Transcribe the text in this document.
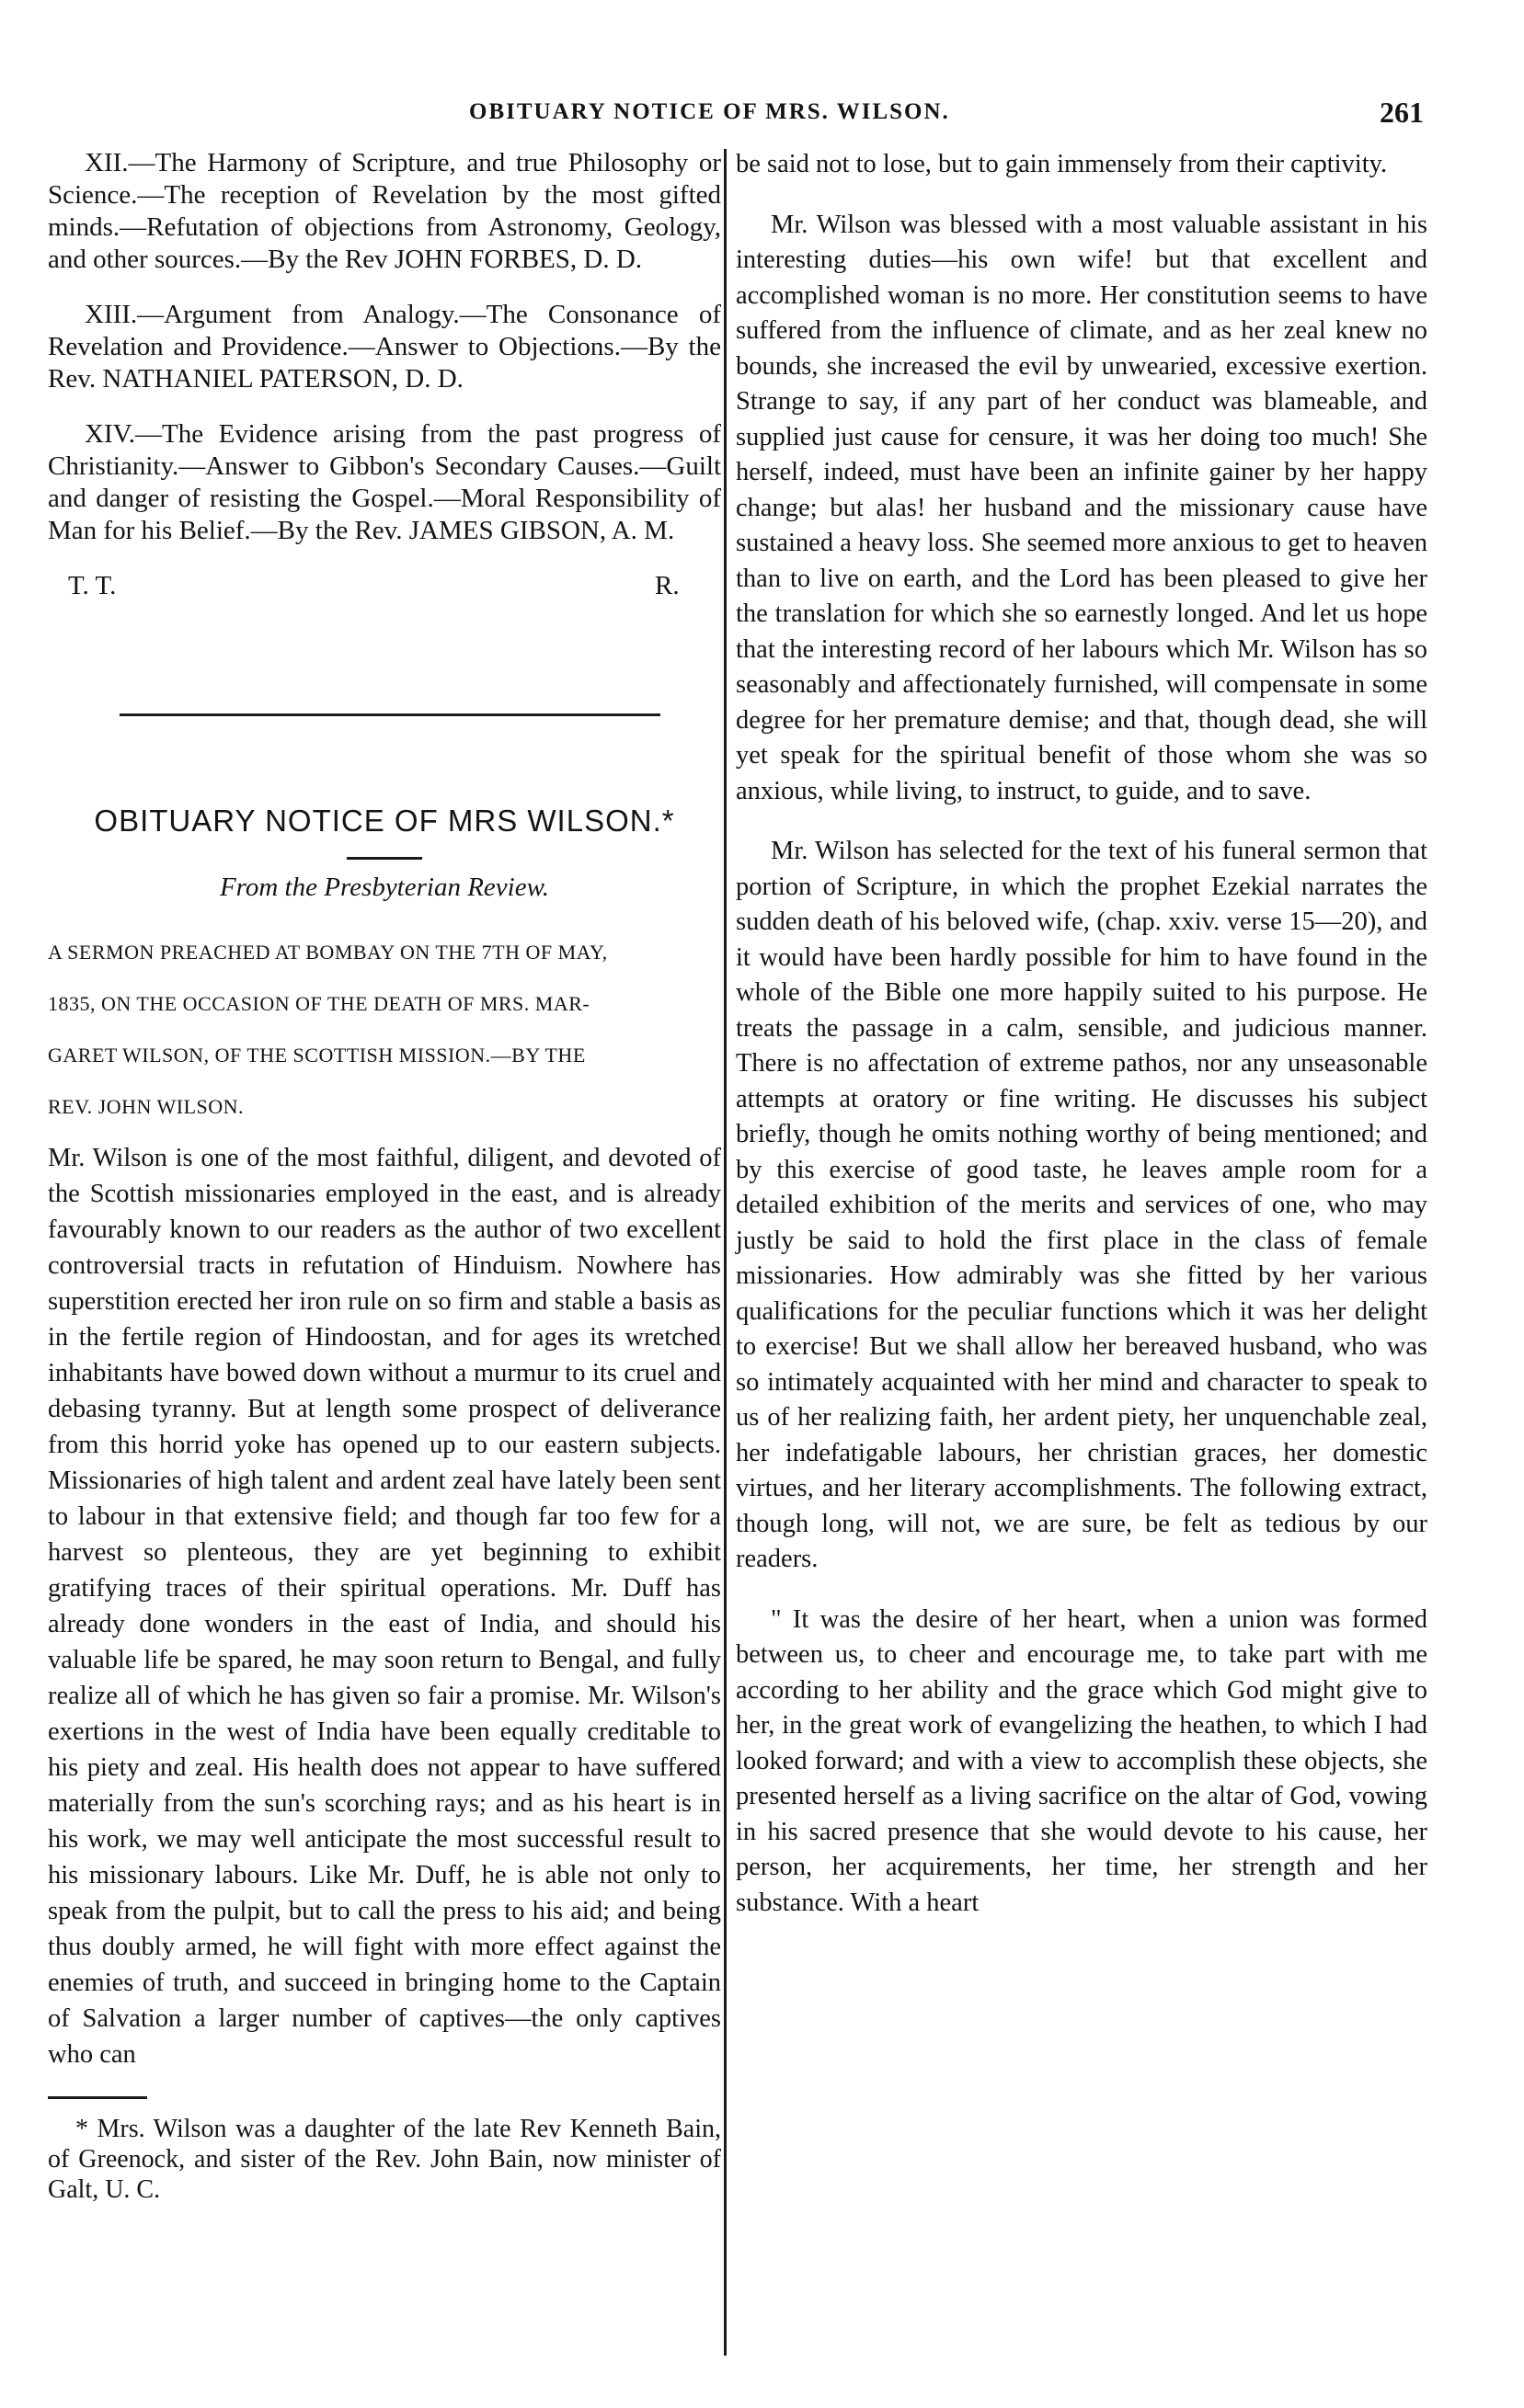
OBITUARY NOTICE OF MRS. WILSON.	261

XII.—The Harmony of Scripture, and true Philosophy or Science.—The reception of Revelation by the most gifted minds.—Refutation of objections from Astronomy, Geology, and other sources.—By the Rev JOHN FORBES, D. D.

XIII.—Argument from Analogy.—The Consonance of Revelation and Providence.—Answer to Objections.—By the Rev. NATHANIEL PATERSON, D. D.

XIV.—The Evidence arising from the past progress of Christianity.—Answer to Gibbon's Secondary Causes.—Guilt and danger of resisting the Gospel.—Moral Responsibility of Man for his Belief.—By the Rev. JAMES GIBSON, A. M.

T. T.	R.
OBITUARY NOTICE OF MRS WILSON.*
From the Presbyterian Review.
A SERMON PREACHED AT BOMBAY ON THE 7TH OF MAY,
1835, ON THE OCCASION OF THE DEATH OF MRS. MAR-
GARET WILSON, OF THE SCOTTISH MISSION.—BY THE
REV. JOHN WILSON.

Mr. Wilson is one of the most faithful, diligent, and devoted of the Scottish missionaries employed in the east, and is already favourably known to our readers as the author of two excellent controversial tracts in refutation of Hinduism. Nowhere has superstition erected her iron rule on so firm and stable a basis as in the fertile region of Hindoostan, and for ages its wretched inhabitants have bowed down without a murmur to its cruel and debasing tyranny. But at length some prospect of deliverance from this horrid yoke has opened up to our eastern subjects. Missionaries of high talent and ardent zeal have lately been sent to labour in that extensive field; and though far too few for a harvest so plenteous, they are yet beginning to exhibit gratifying traces of their spiritual operations. Mr. Duff has already done wonders in the east of India, and should his valuable life be spared, he may soon return to Bengal, and fully realize all of which he has given so fair a promise. Mr. Wilson's exertions in the west of India have been equally creditable to his piety and zeal. His health does not appear to have suffered materially from the sun's scorching rays; and as his heart is in his work, we may well anticipate the most successful result to his missionary labours. Like Mr. Duff, he is able not only to speak from the pulpit, but to call the press to his aid; and being thus doubly armed, he will fight with more effect against the enemies of truth, and succeed in bringing home to the Captain of Salvation a larger number of captives—the only captives who can

* Mrs. Wilson was a daughter of the late Rev Kenneth Bain, of Greenock, and sister of the Rev. John Bain, now minister of Galt, U. C.

be said not to lose, but to gain immensely from their captivity.

Mr. Wilson was blessed with a most valuable assistant in his interesting duties—his own wife! but that excellent and accomplished woman is no more. Her constitution seems to have suffered from the influence of climate, and as her zeal knew no bounds, she increased the evil by unwearied, excessive exertion. Strange to say, if any part of her conduct was blameable, and supplied just cause for censure, it was her doing too much! She herself, indeed, must have been an infinite gainer by her happy change; but alas! her husband and the missionary cause have sustained a heavy loss. She seemed more anxious to get to heaven than to live on earth, and the Lord has been pleased to give her the translation for which she so earnestly longed. And let us hope that the interesting record of her labours which Mr. Wilson has so seasonably and affectionately furnished, will compensate in some degree for her premature demise; and that, though dead, she will yet speak for the spiritual benefit of those whom she was so anxious, while living, to instruct, to guide, and to save.

Mr. Wilson has selected for the text of his funeral sermon that portion of Scripture, in which the prophet Ezekial narrates the sudden death of his beloved wife, (chap. xxiv. verse 15—20), and it would have been hardly possible for him to have found in the whole of the Bible one more happily suited to his purpose. He treats the passage in a calm, sensible, and judicious manner. There is no affectation of extreme pathos, nor any unseasonable attempts at oratory or fine writing. He discusses his subject briefly, though he omits nothing worthy of being mentioned; and by this exercise of good taste, he leaves ample room for a detailed exhibition of the merits and services of one, who may justly be said to hold the first place in the class of female missionaries. How admirably was she fitted by her various qualifications for the peculiar functions which it was her delight to exercise! But we shall allow her bereaved husband, who was so intimately acquainted with her mind and character to speak to us of her realizing faith, her ardent piety, her unquenchable zeal, her indefatigable labours, her christian graces, her domestic virtues, and her literary accomplishments. The following extract, though long, will not, we are sure, be felt as tedious by our readers.

" It was the desire of her heart, when a union was formed between us, to cheer and encourage me, to take part with me according to her ability and the grace which God might give to her, in the great work of evangelizing the heathen, to which I had looked forward; and with a view to accomplish these objects, she presented herself as a living sacrifice on the altar of God, vowing in his sacred presence that she would devote to his cause, her person, her acquirements, her time, her strength and her substance. With a heart
